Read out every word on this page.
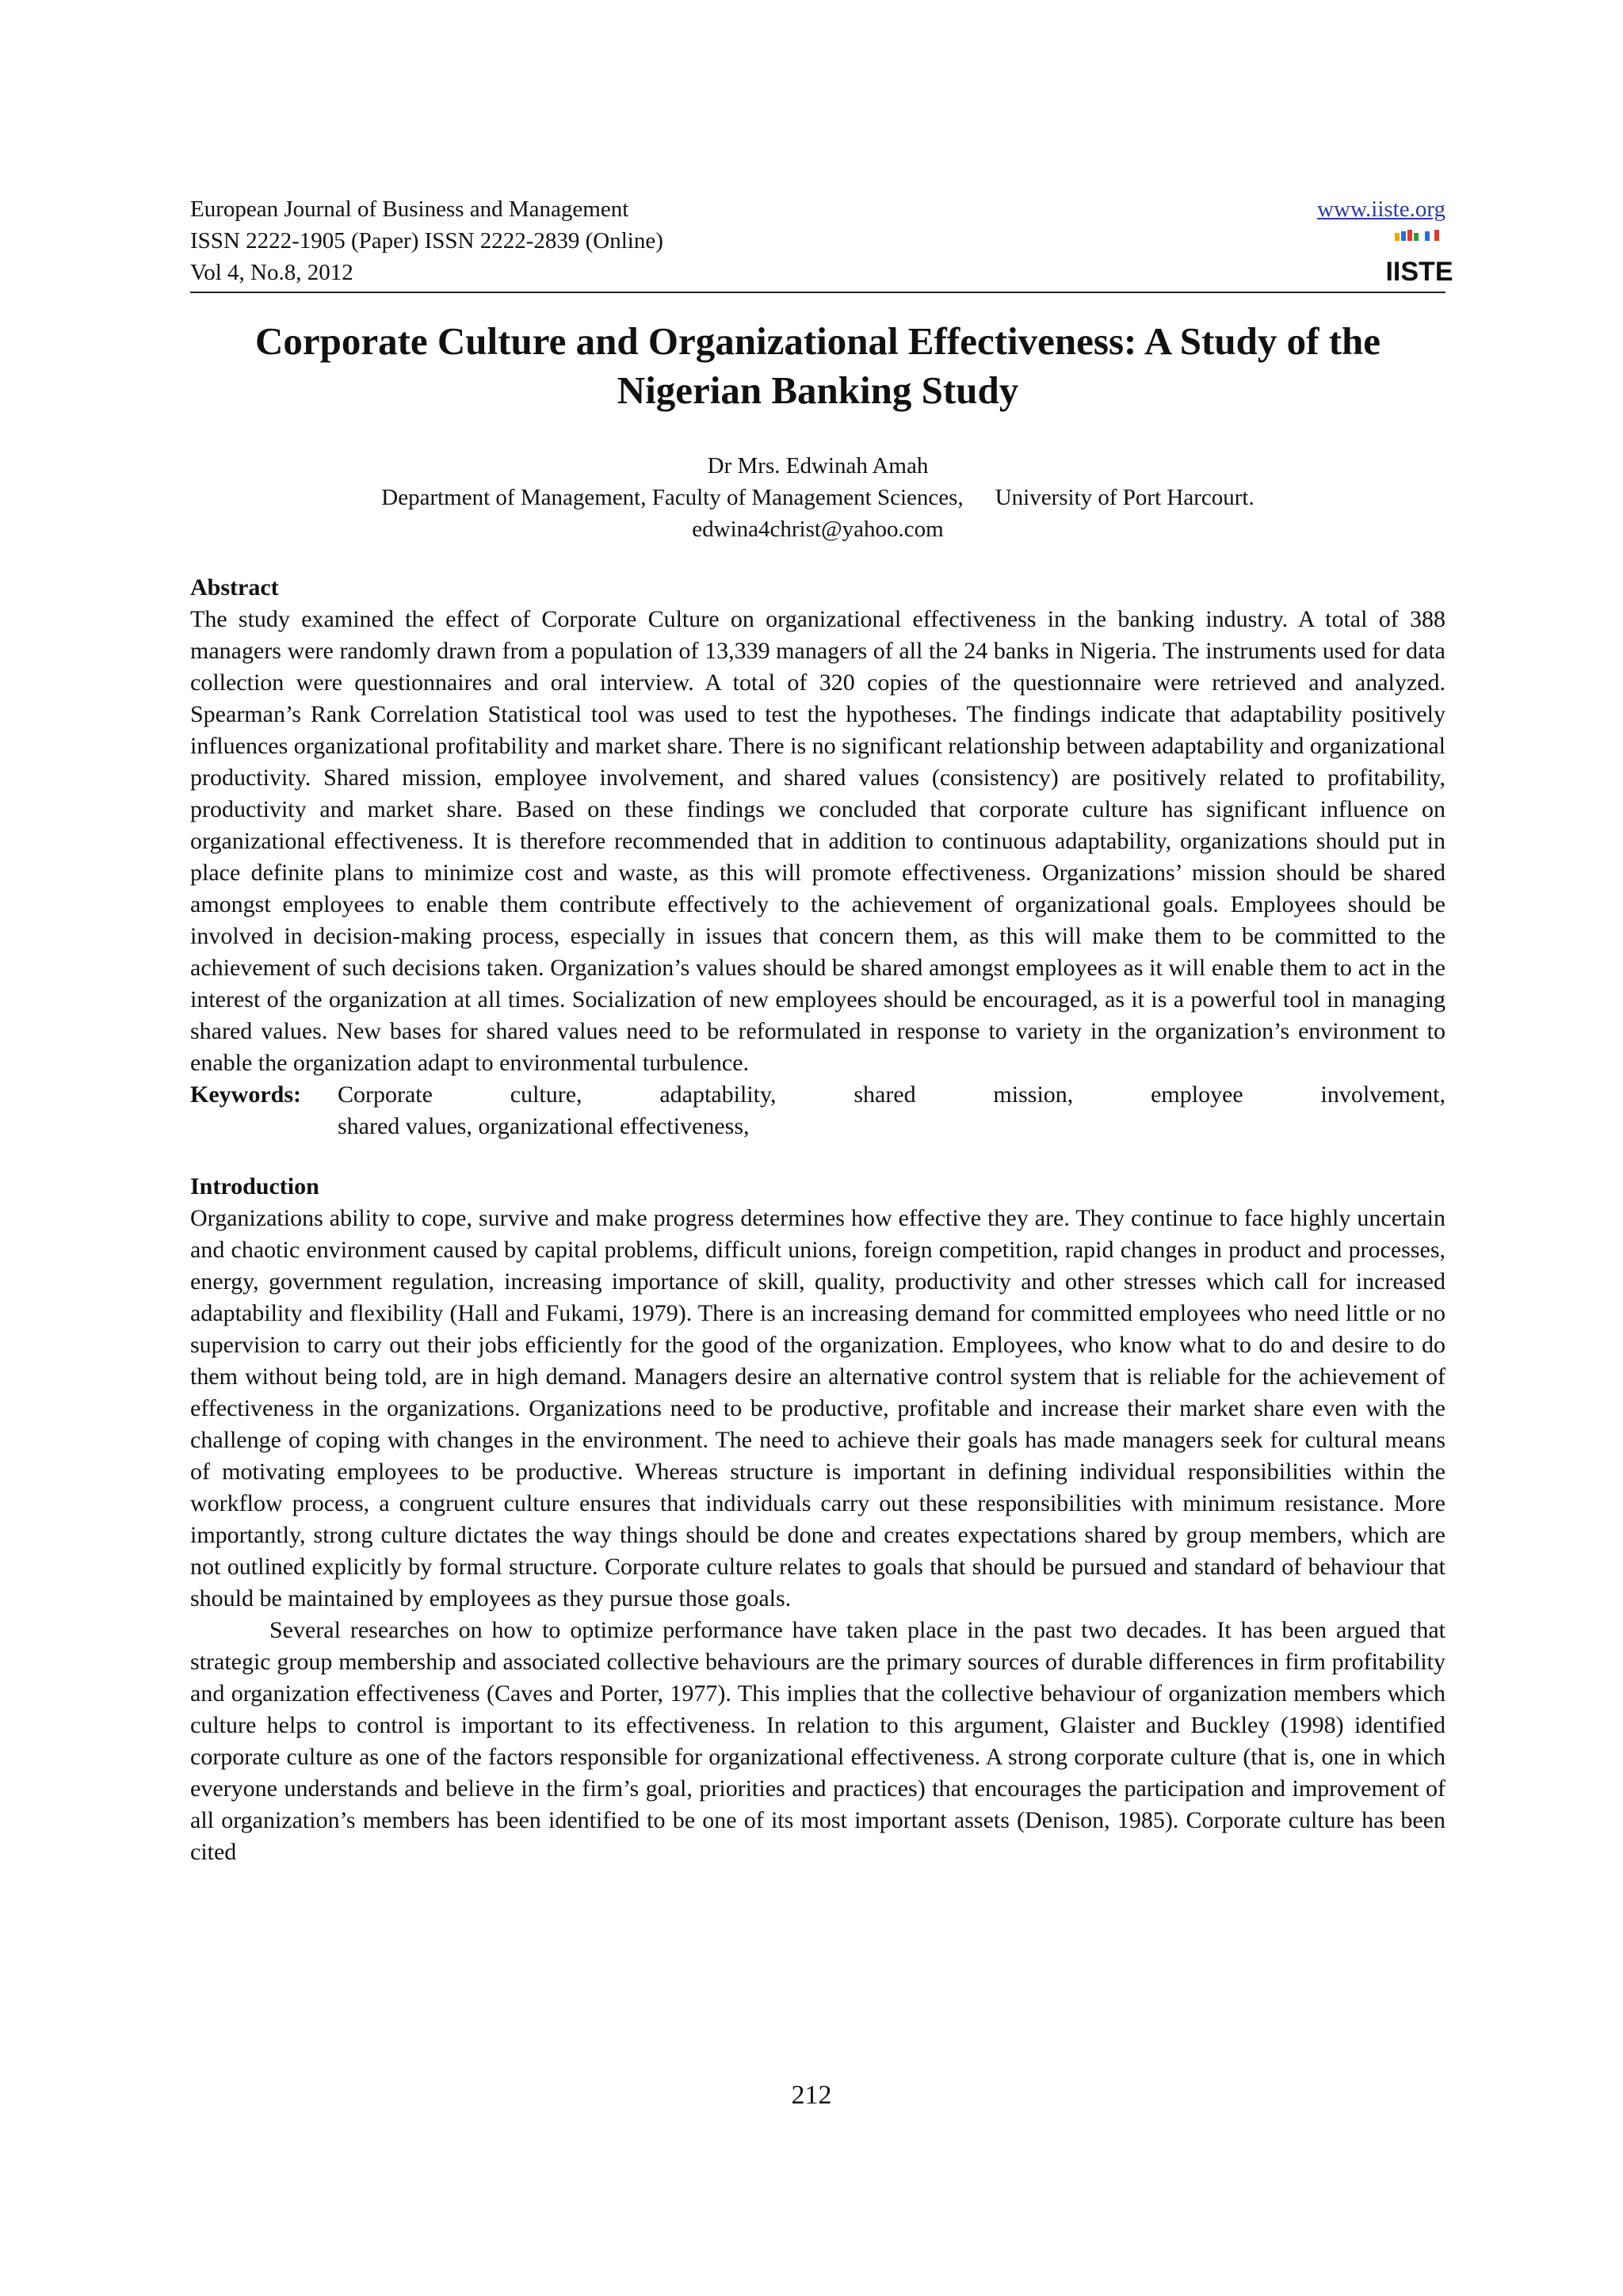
European Journal of Business and Management
ISSN 2222-1905 (Paper) ISSN 2222-2839 (Online)
Vol 4, No.8, 2012
www.iiste.org
IISTE
Corporate Culture and Organizational Effectiveness: A Study of the Nigerian Banking Study
Dr Mrs. Edwinah Amah
Department of Management, Faculty of Management Sciences, University of Port Harcourt.
edwina4christ@yahoo.com
Abstract

The study examined the effect of Corporate Culture on organizational effectiveness in the banking industry. A total of 388 managers were randomly drawn from a population of 13,339 managers of all the 24 banks in Nigeria. The instruments used for data collection were questionnaires and oral interview. A total of 320 copies of the questionnaire were retrieved and analyzed. Spearman’s Rank Correlation Statistical tool was used to test the hypotheses. The findings indicate that adaptability positively influences organizational profitability and market share. There is no significant relationship between adaptability and organizational productivity. Shared mission, employee involvement, and shared values (consistency) are positively related to profitability, productivity and market share. Based on these findings we concluded that corporate culture has significant influence on organizational effectiveness. It is therefore recommended that in addition to continuous adaptability, organizations should put in place definite plans to minimize cost and waste, as this will promote effectiveness. Organizations’ mission should be shared amongst employees to enable them contribute effectively to the achievement of organizational goals. Employees should be involved in decision-making process, especially in issues that concern them, as this will make them to be committed to the achievement of such decisions taken. Organization’s values should be shared amongst employees as it will enable them to act in the interest of the organization at all times. Socialization of new employees should be encouraged, as it is a powerful tool in managing shared values. New bases for shared values need to be reformulated in response to variety in the organization’s environment to enable the organization adapt to environmental turbulence.

Keywords:	Corporate culture, adaptability, shared mission, employee involvement,
shared values, organizational effectiveness,
Introduction

Organizations ability to cope, survive and make progress determines how effective they are. They continue to face highly uncertain and chaotic environment caused by capital problems, difficult unions, foreign competition, rapid changes in product and processes, energy, government regulation, increasing importance of skill, quality, productivity and other stresses which call for increased adaptability and flexibility (Hall and Fukami, 1979). There is an increasing demand for committed employees who need little or no supervision to carry out their jobs efficiently for the good of the organization. Employees, who know what to do and desire to do them without being told, are in high demand. Managers desire an alternative control system that is reliable for the achievement of effectiveness in the organizations. Organizations need to be productive, profitable and increase their market share even with the challenge of coping with changes in the environment. The need to achieve their goals has made managers seek for cultural means of motivating employees to be productive. Whereas structure is important in defining individual responsibilities within the workflow process, a congruent culture ensures that individuals carry out these responsibilities with minimum resistance. More importantly, strong culture dictates the way things should be done and creates expectations shared by group members, which are not outlined explicitly by formal structure. Corporate culture relates to goals that should be pursued and standard of behaviour that should be maintained by employees as they pursue those goals.

Several researches on how to optimize performance have taken place in the past two decades. It has been argued that strategic group membership and associated collective behaviours are the primary sources of durable differences in firm profitability and organization effectiveness (Caves and Porter, 1977). This implies that the collective behaviour of organization members which culture helps to control is important to its effectiveness. In relation to this argument, Glaister and Buckley (1998) identified corporate culture as one of the factors responsible for organizational effectiveness. A strong corporate culture (that is, one in which everyone understands and believe in the firm’s goal, priorities and practices) that encourages the participation and improvement of all organization’s members has been identified to be one of its most important assets (Denison, 1985). Corporate culture has been cited

212
